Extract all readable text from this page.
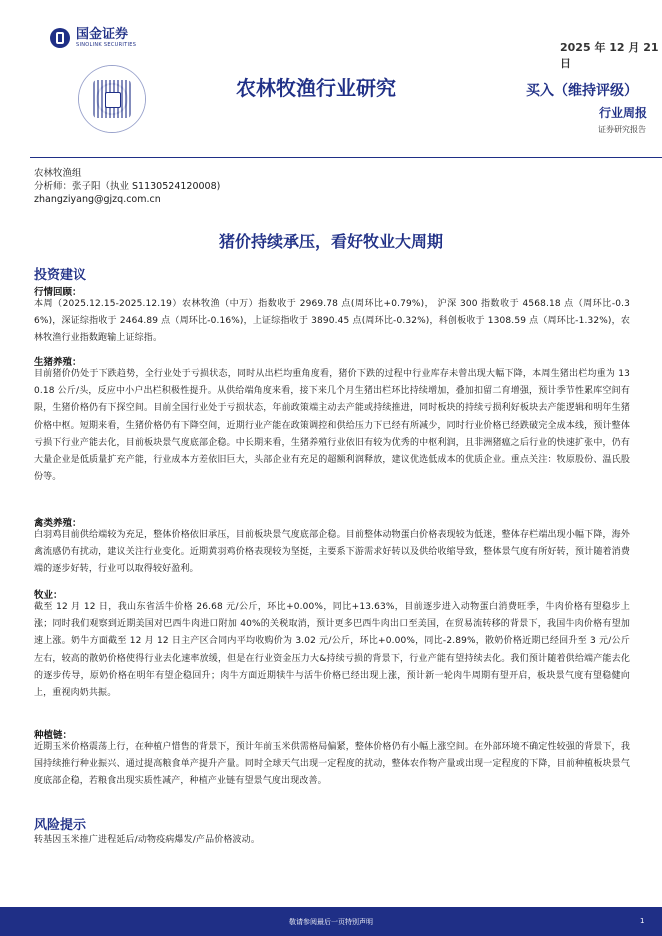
国金证券
SINOLINK SECURITIES	2025 年 12 月 21 日
农林牧渔行业研究	买入（维持评级）
行业周报
证券研究报告
农林牧渔组
分析师：张子阳（执业 S1130524120008)
zhangziyang@gjzq.com.cn
猪价持续承压，看好牧业大周期
投资建议
行情回顾：
本周（2025.12.15-2025.12.19）农林牧渔（中万）指数收于 2969.78 点(周环比+0.79%)， 沪深 300 指数收于 4568.18 点（周环比-0.36%)，深证综指收于 2464.89 点（周环比-0.16%)，上证综指收于 3890.45 点(周环比-0.32%)，科创板收于 1308.59 点（周环比-1.32%)，农林牧渔行业指数跑输上证综指。
生猪养殖：
目前猪价仍处于下跌趋势，全行业处于亏损状态，同时从出栏均重角度看，猪价下跌的过程中行业库存未曾出现大幅下降，本周生猪出栏均重为 130.18 公斤/头，反应中小户出栏积极性提升。从供给端角度来看，接下来几个月生猪出栏环比持续增加，叠加扣留二育增强，预计季节性累库空间有限，生猪价格仍有下探空间。目前全国行业处于亏损状态，年前政策端主动去产能或持续推进，同时板块的持续亏损利好板块去产能逻辑和明年生猪价格中枢。短期来看，生猪价格仍有下降空间，近期行业产能在政策调控和供给压力下已经有所减少，同时行业价格已经跌破完全成本线，预计整体亏损下行业产能去化，目前板块景气度底部企稳。中长期来看，生猪养殖行业依旧有较为优秀的中枢利润，且非洲猪瘟之后行业的快速扩张中，仍有大量企业是低质量扩充产能，行业成本方差依旧巨大，头部企业有充足的超额利润释放，建议优选低成本的优质企业。重点关注：牧原股份、温氏股份等。
禽类养殖：
白羽鸡目前供给端较为充足，整体价格依旧承压，目前板块景气度底部企稳。目前整体动物蛋白价格表现较为低迷，整体存栏端出现小幅下降，海外禽流感仍有扰动，建议关注行业变化。近期黄羽鸡价格表现较为坚挺，主要系下游需求好转以及供给收缩导致，整体景气度有所好转，预计随着消费端的逐步好转，行业可以取得较好盈利。
牧业：
截至 12 月 12 日，我山东省活牛价格 26.68 元/公斤，环比+0.00%，同比+13.63%，目前逐步进入动物蛋白消费旺季，牛肉价格有望稳步上涨；同时我们观察到近期美国对巴西牛肉进口附加 40%的关税取消，预计更多巴西牛肉出口至美国，在贸易流转移的背景下，我国牛肉价格有望加速上涨。奶牛方面截至 12 月 12 日主产区合同内平均收购价为 3.02 元/公斤，环比+0.00%，同比-2.89%，散奶价格近期已经回升至 3 元/公斤左右，较高的散奶价格使得行业去化速率放缓，但是在行业资金压力大&持续亏损的背景下，行业产能有望持续去化。我们预计随着供给端产能去化的逐步传导，原奶价格在明年有望企稳回升；肉牛方面近期犊牛与活牛价格已经出现上涨，预计新一轮肉牛周期有望开启，板块景气度有望稳健向上，重视肉奶共振。
种植链：
近期玉米价格震荡上行，在种植户惜售的背景下，预计年前玉米供需格局偏紧，整体价格仍有小幅上涨空间。在外部环境不确定性较强的背景下，我国持续推行种业振兴、通过提高粮食单产提升产量。同时全球天气出现一定程度的扰动，整体农作物产量或出现一定程度的下降，目前种植板块景气度底部企稳，若粮食出现实质性减产，种植产业链有望景气度出现改善。
风险提示
转基因玉米推广进程延后/动物疫病爆发/产品价格波动。
敬请参阅最后一页特别声明	1
